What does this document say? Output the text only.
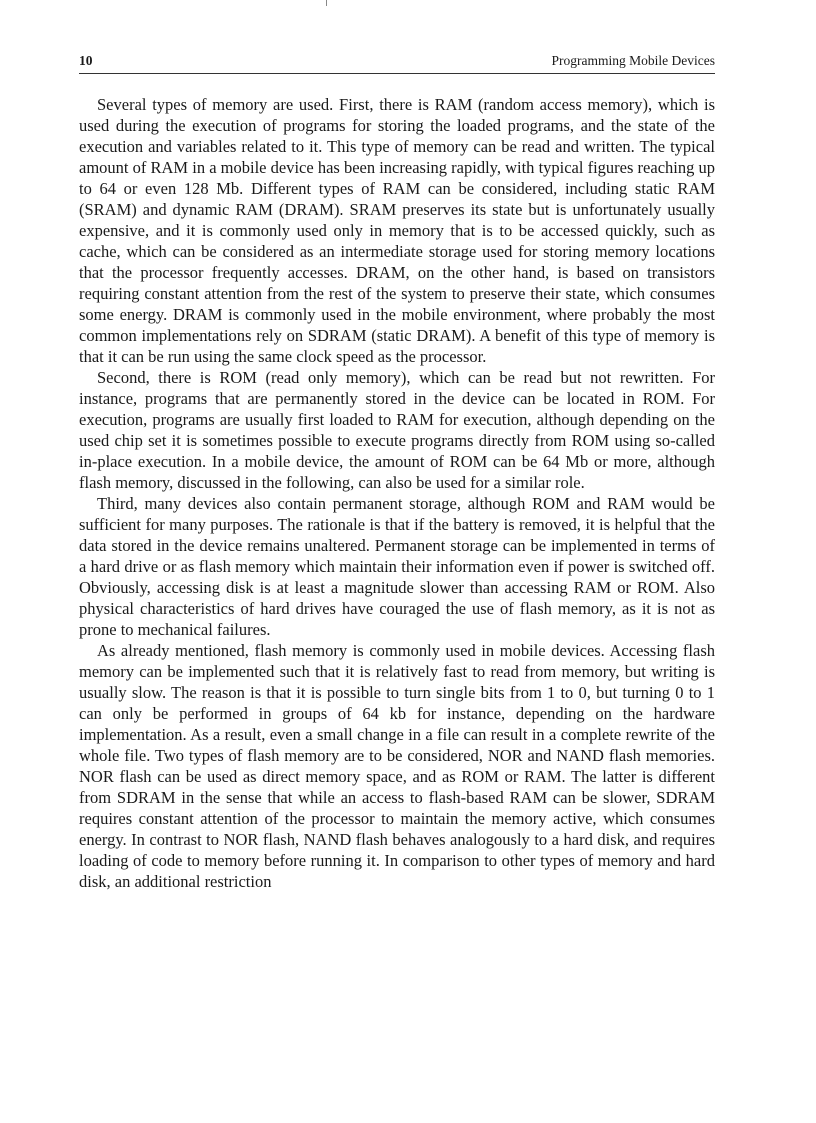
10	Programming Mobile Devices

Several types of memory are used. First, there is RAM (random access memory), which is used during the execution of programs for storing the loaded programs, and the state of the execution and variables related to it. This type of memory can be read and written. The typical amount of RAM in a mobile device has been increasing rapidly, with typical figures reaching up to 64 or even 128 Mb. Different types of RAM can be considered, including static RAM (SRAM) and dynamic RAM (DRAM). SRAM preserves its state but is unfortunately usually expensive, and it is commonly used only in memory that is to be accessed quickly, such as cache, which can be considered as an intermediate storage used for storing memory locations that the processor frequently accesses. DRAM, on the other hand, is based on transistors requiring constant attention from the rest of the system to preserve their state, which consumes some energy. DRAM is commonly used in the mobile environment, where probably the most common implementations rely on SDRAM (static DRAM). A benefit of this type of memory is that it can be run using the same clock speed as the processor.

Second, there is ROM (read only memory), which can be read but not rewritten. For instance, programs that are permanently stored in the device can be located in ROM. For execution, programs are usually first loaded to RAM for execution, although depending on the used chip set it is sometimes possible to execute programs directly from ROM using so-called in-place execution. In a mobile device, the amount of ROM can be 64 Mb or more, although flash memory, discussed in the following, can also be used for a similar role.

Third, many devices also contain permanent storage, although ROM and RAM would be sufficient for many purposes. The rationale is that if the battery is removed, it is helpful that the data stored in the device remains unaltered. Permanent storage can be implemented in terms of a hard drive or as flash memory which maintain their information even if power is switched off. Obviously, accessing disk is at least a magnitude slower than accessing RAM or ROM. Also physical characteristics of hard drives have couraged the use of flash memory, as it is not as prone to mechanical failures.

As already mentioned, flash memory is commonly used in mobile devices. Accessing flash memory can be implemented such that it is relatively fast to read from memory, but writing is usually slow. The reason is that it is possible to turn single bits from 1 to 0, but turning 0 to 1 can only be performed in groups of 64 kb for instance, depending on the hardware implementation. As a result, even a small change in a file can result in a complete rewrite of the whole file. Two types of flash memory are to be considered, NOR and NAND flash memories. NOR flash can be used as direct memory space, and as ROM or RAM. The latter is different from SDRAM in the sense that while an access to flash-based RAM can be slower, SDRAM requires constant attention of the processor to maintain the memory active, which consumes energy. In contrast to NOR flash, NAND flash behaves analogously to a hard disk, and requires loading of code to memory before running it. In comparison to other types of memory and hard disk, an additional restriction
